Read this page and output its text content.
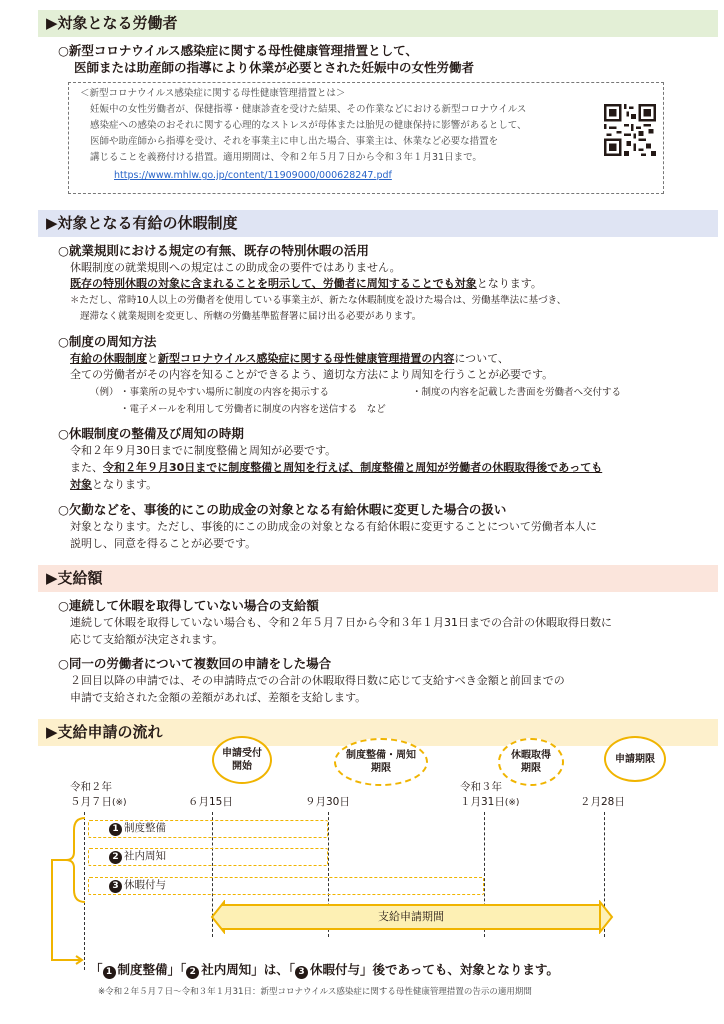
▶対象となる労働者
○新型コロナウイルス感染症に関する母性健康管理措置として、
医師または助産師の指導により休業が必要とされた妊娠中の女性労働者
＜新型コロナウイルス感染症に関する母性健康管理措置とは＞
妊娠中の女性労働者が、保健指導・健康診査を受けた結果、その作業などにおける新型コロナウイルス
感染症への感染のおそれに関する心理的なストレスが母体または胎児の健康保持に影響があるとして、
医師や助産師から指導を受け、それを事業主に申し出た場合、事業主は、休業など必要な措置を
講じることを義務付ける措置。適用期間は、令和２年５月７日から令和３年１月31日まで。
https://www.mhlw.go.jp/content/11909000/000628247.pdf
▶対象となる有給の休暇制度
○就業規則における規定の有無、既存の特別休暇の活用
休暇制度の就業規則への規定はこの助成金の要件ではありません。
既存の特別休暇の対象に含まれることを明示して、労働者に周知することでも対象となります。
＊ただし、常時10人以上の労働者を使用している事業主が、新たな休暇制度を設けた場合は、労働基準法に基づき、
遅滞なく就業規則を変更し、所轄の労働基準監督署に届け出る必要があります。
○制度の周知方法
有給の休暇制度と新型コロナウイルス感染症に関する母性健康管理措置の内容について、
全ての労働者がその内容を知ることができるよう、適切な方法により周知を行うことが必要です。
（例） ・事業所の見やすい場所に制度の内容を掲示する	・制度の内容を記載した書面を労働者へ交付する
・電子メールを利用して労働者に制度の内容を送信する　など
○休暇制度の整備及び周知の時期
令和２年９月30日までに制度整備と周知が必要です。
また、令和２年９月30日までに制度整備と周知を行えば、制度整備と周知が労働者の休暇取得後であっても
対象となります。
○欠勤などを、事後的にこの助成金の対象となる有給休暇に変更した場合の扱い
対象となります。ただし、事後的にこの助成金の対象となる有給休暇に変更することについて労働者本人に
説明し、同意を得ることが必要です。
▶支給額
○連続して休暇を取得していない場合の支給額
連続して休暇を取得していない場合も、令和２年５月７日から令和３年１月31日までの合計の休暇取得日数に
応じて支給額が決定されます。
○同一の労働者について複数回の申請をした場合
２回目以降の申請では、その申請時点での合計の休暇取得日数に応じて支給すべき金額と前回までの
申請で支給された金額の差額があれば、差額を支給します。
▶支給申請の流れ
申請受付開始
制度整備・周知期限
休暇取得期限
申請期限
令和２年
５月７日(※)	６月15日	９月30日
令和３年
１月31日(※)	２月28日
1 制度整備
2 社内周知
3 休暇付与
支給申請期間
「 1 制度整備」「 2 社内周知」は、「 3 休暇付与」後であっても、対象となります。
※令和２年５月７日～令和３年１月31日：新型コロナウイルス感染症に関する母性健康管理措置の告示の適用期間
